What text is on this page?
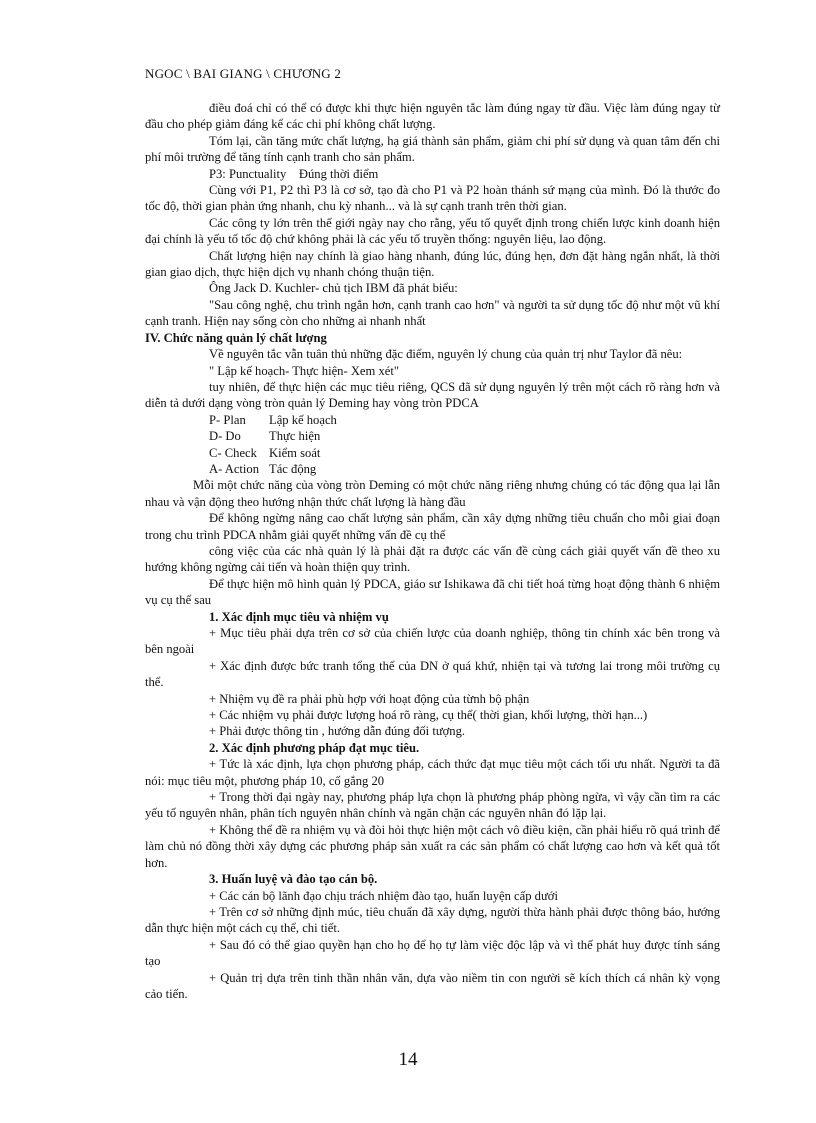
NGOC \ BAI GIANG \ CHƯƠNG 2

điều đoá chỉ có thể có được khi thực hiện nguyên tắc làm đúng ngay từ đầu. Việc làm đúng ngay từ đầu cho phép giảm đáng kể các chi phí không chất lượng.

Tóm lại, cần tăng mức chất lượng, hạ giá thành sản phẩm, giảm chi phí sử dụng và quan tâm đến chi phí môi trường để tăng tính cạnh tranh cho sản phẩm.

P3: Punctuality    Đúng thời điểm

Cùng với P1, P2 thì P3 là cơ sở, tạo đà cho P1 và P2 hoàn thánh sứ mạng của mình. Đó là thước đo tốc độ, thời gian phản ứng nhanh, chu kỳ nhanh... và là sự cạnh tranh trên thời gian.

Các công ty lớn trên thế giới ngày nay cho rằng, yếu tố quyết định trong chiến lược kinh doanh hiện đại chính là yếu tố tốc độ chứ không phải là các yếu tố truyền thống: nguyên liệu, lao động.

Chất lượng hiện nay chính là giao hàng nhanh, đúng lúc, đúng hẹn, đơn đặt hàng ngắn nhất, là thời gian giao dịch, thực hiện dịch vụ nhanh chóng thuận tiện.

Ông Jack D. Kuchler- chủ tịch IBM đã phát biểu:

"Sau công nghệ, chu trình ngắn hơn, cạnh tranh cao hơn" và người ta sử dụng tốc độ như một vũ khí cạnh tranh. Hiện nay sống còn cho những ai nhanh nhất

IV. Chức năng quản lý chất lượng

Về nguyên tắc vẫn tuân thủ những đặc điểm, nguyên lý chung của quản trị như Taylor đã nêu:

" Lập kế hoạch- Thực hiện- Xem xét"

tuy nhiên, để thực hiện các mục tiêu riêng, QCS đã sử dụng nguyên lý trên một cách rõ ràng hơn và diễn tả dưới dạng vòng tròn quản lý Deming hay vòng tròn PDCA

P- Plan Lập kế hoạch
D- Do Thực hiện
C- Check Kiểm soát
A- Action Tác động

Mỗi một chức năng của vòng tròn Deming có một chức năng riêng nhưng chúng có tác động qua lại lẫn nhau và vận động theo hướng nhận thức chất lượng là hàng đầu

Để không ngừng nâng cao chất lượng sản phẩm, cần xây dựng những tiêu chuẩn cho mỗi giai đoạn trong chu trình PDCA nhằm giải quyết những vấn đề cụ thể

công việc của các nhà quản lý là phải đặt ra được các vấn đề cùng cách giải quyết vấn đề theo xu hướng không ngừng cải tiến và hoàn thiện quy trình.

Để thực hiện mô hình quản lý PDCA, giáo sư Ishikawa đã chi tiết hoá từng hoạt động thành 6 nhiệm vụ cụ thể sau

1. Xác định mục tiêu và nhiệm vụ

+ Mục tiêu phải dựa trên cơ sở của chiến lược của doanh nghiệp, thông tin chính xác bên trong và bên ngoài

+ Xác định được bức tranh tổng thể của DN ở quá khứ, nhiện tại và tương lai trong môi trường cụ thể.

+ Nhiệm vụ đề ra phải phù hợp với hoạt động của từnh bộ phận

+ Các nhiệm vụ phải được lượng hoá rõ ràng, cụ thể( thời gian, khối lượng, thời hạn...)

+ Phải được thông tin , hướng dẫn đúng đối tượng.

2. Xác định phương pháp đạt mục tiêu.

+ Tức là xác định, lựa chọn phương pháp, cách thức đạt mục tiêu một cách tối ưu nhất. Người ta đã nói: mục tiêu một, phương pháp 10, cố gắng 20

+ Trong thời đại ngày nay, phương pháp lựa chọn là phương pháp phòng ngừa, vì vậy cần tìm ra các yếu tố nguyên nhân, phân tích nguyên nhân chính và ngăn chặn các nguyên nhân đó lặp lại.

+ Không thể đề ra nhiệm vụ và đòi hỏi thực hiện một cách vô điều kiện, cần phải hiểu rõ quá trình để làm chủ nó đồng thời xây dựng các phương pháp sản xuất ra các sản phẩm có chất lượng cao hơn và kết quả tốt hơn.

3. Huấn luyệ và đào tạo cán bộ.

+ Các cán bộ lãnh đạo chịu trách nhiệm đào tạo, huấn luyện cấp dưới

+ Trên cơ sở những định múc, tiêu chuẩn đã xây dựng, người thừa hành phải được thông báo, hướng dẫn thực hiện một cách cụ thể, chi tiết.

+ Sau đó có thể giao quyền hạn cho họ để họ tự làm việc độc lập và vì thế phát huy được tính sáng tạo

+ Quản trị dựa trên tinh thần nhân văn, dựa vào niềm tin con người sẽ kích thích cá nhân kỳ vọng cảo tiến.

14
